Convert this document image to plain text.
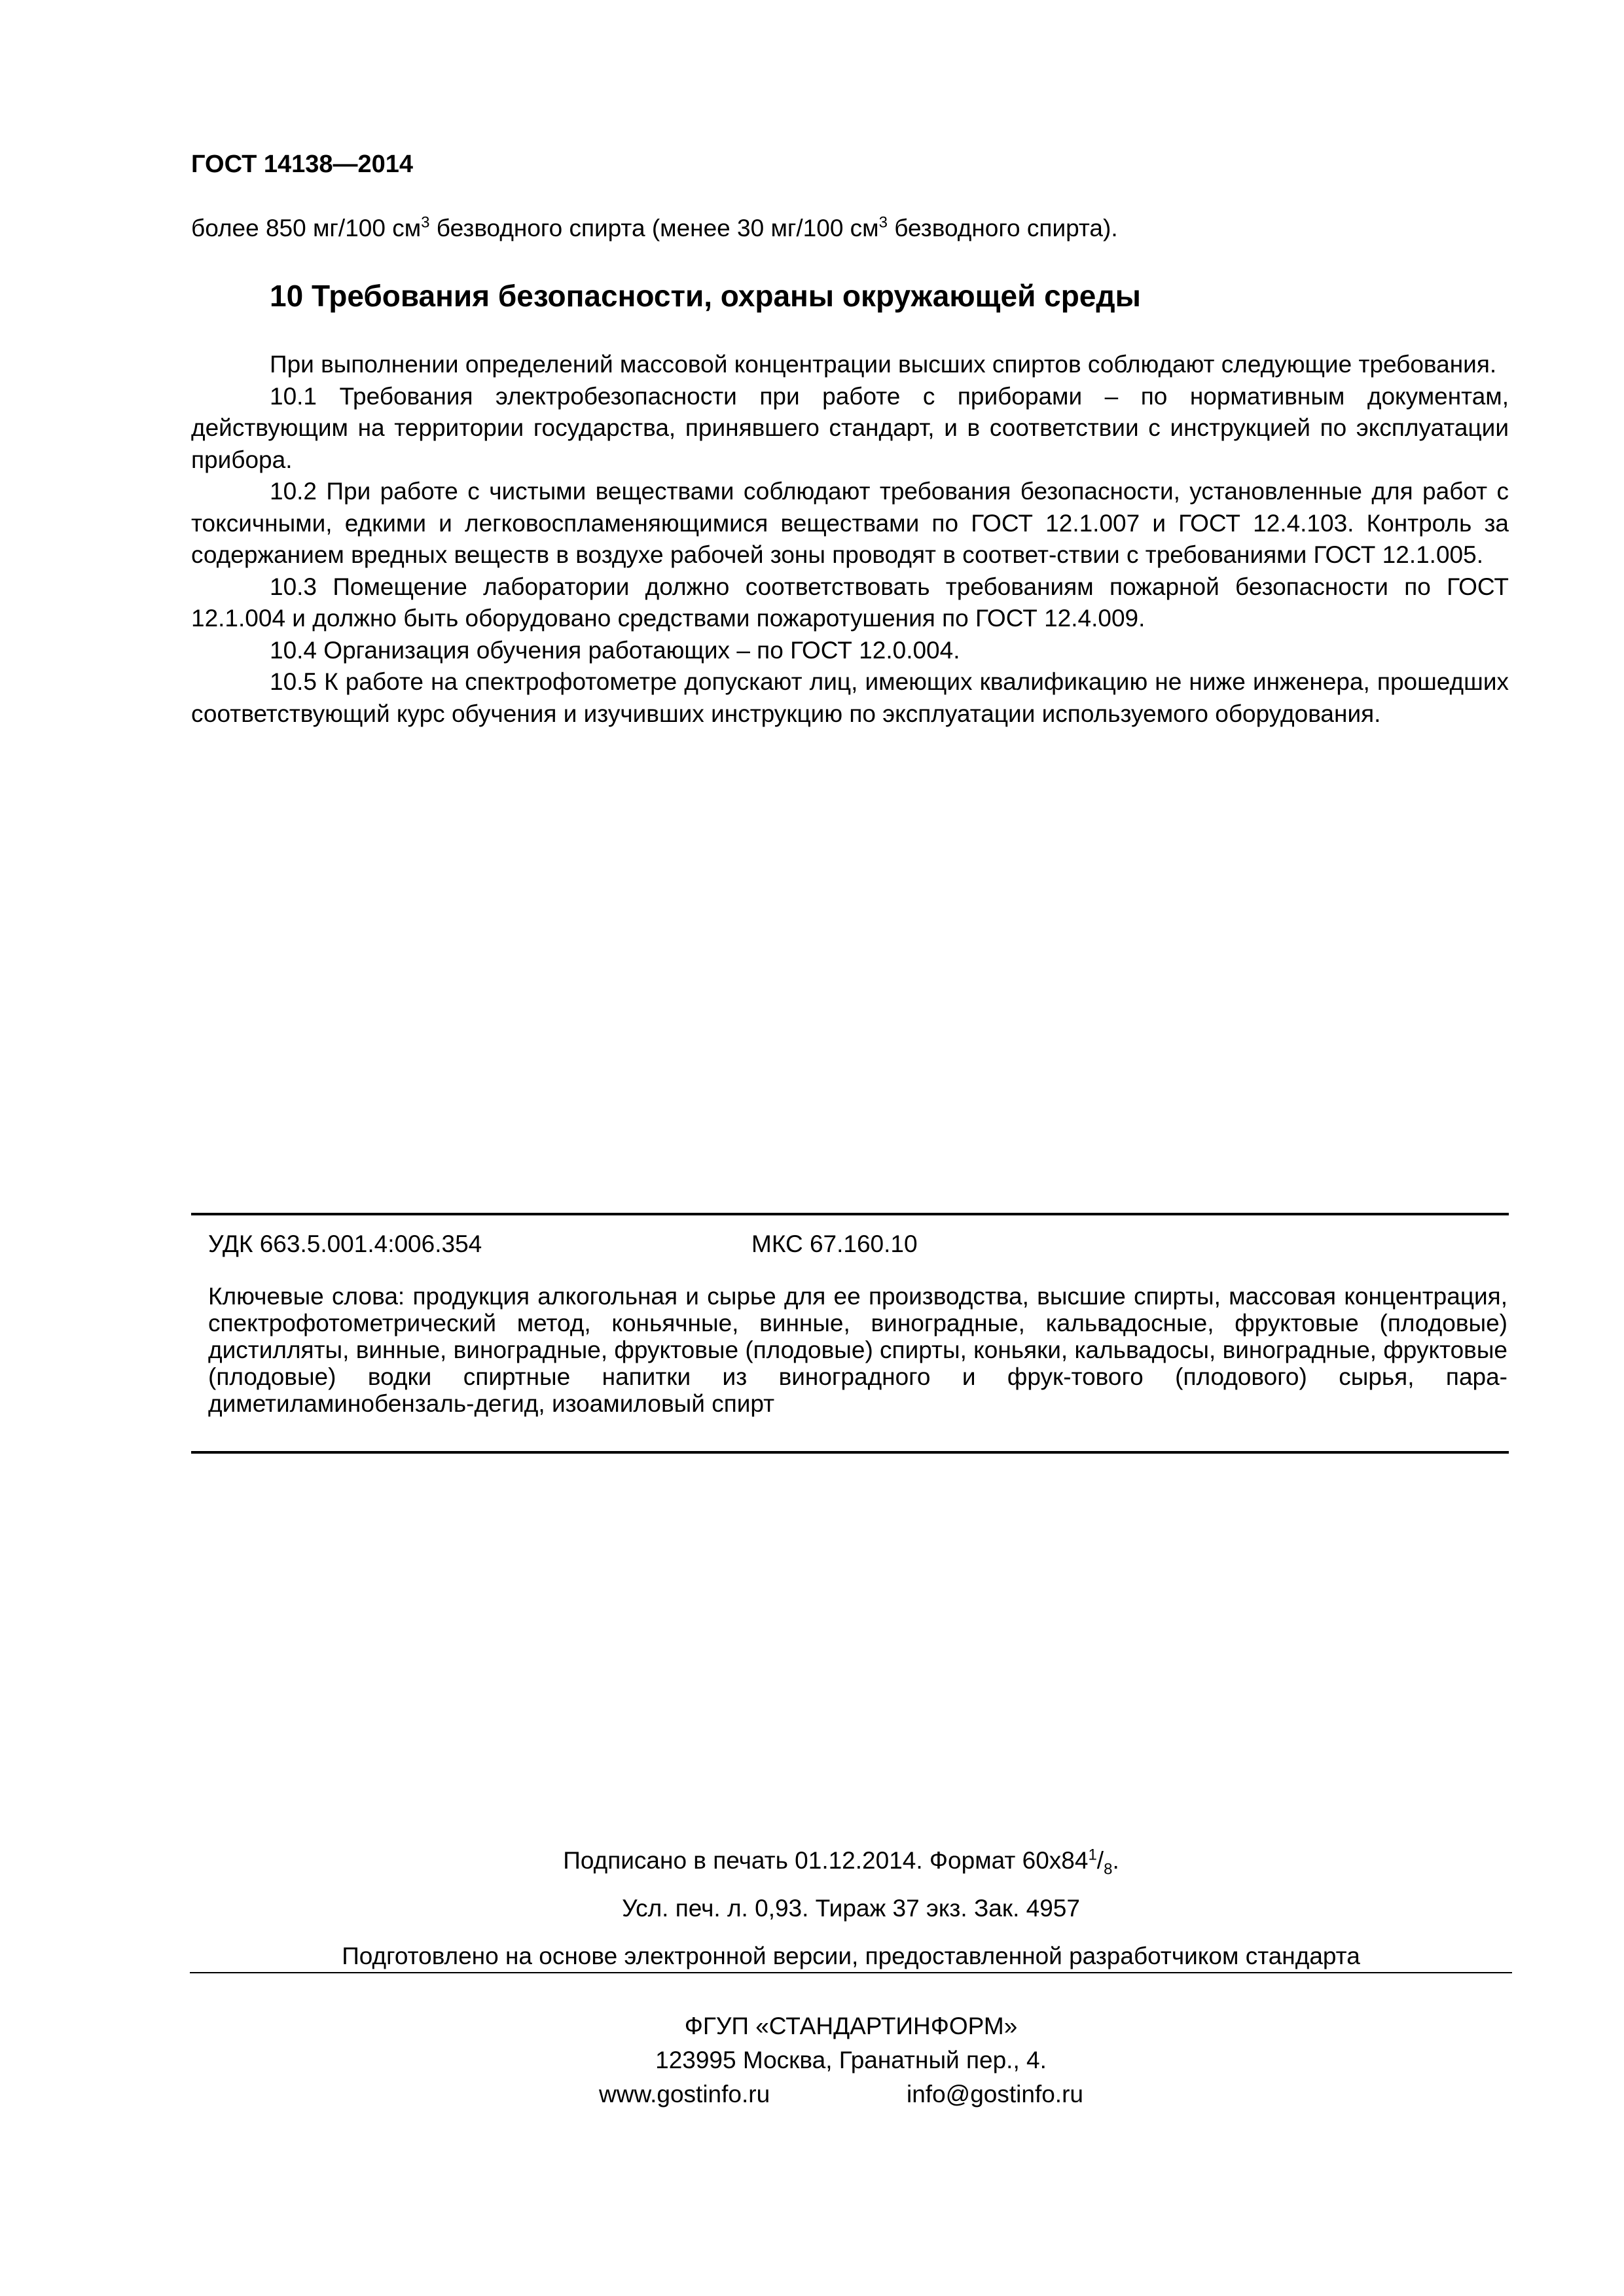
ГОСТ 14138—2014
более 850 мг/100 $см^3$ безводного спирта (менее 30 мг/100 $см^3$ безводного спирта).
10 Требования безопасности, охраны окружающей среды

При выполнении определений массовой концентрации высших спиртов соблюдают следующие требования.

10.1 Требования электробезопасности при работе с приборами – по нормативным документам, действующим на территории государства, принявшего стандарт, и в соответствии с инструкцией по эксплуатации прибора.

10.2 При работе с чистыми веществами соблюдают требования безопасности, установленные для работ с токсичными, едкими и легковоспламеняющимися веществами по ГОСТ 12.1.007 и ГОСТ 12.4.103. Контроль за содержанием вредных веществ в воздухе рабочей зоны проводят в соответ-ствии с требованиями ГОСТ 12.1.005.

10.3 Помещение лаборатории должно соответствовать требованиям пожарной безопасности по ГОСТ 12.1.004 и должно быть оборудовано средствами пожаротушения по ГОСТ 12.4.009.

10.4 Организация обучения работающих – по ГОСТ 12.0.004.

10.5 К работе на спектрофотометре допускают лиц, имеющих квалификацию не ниже инженера, прошедших соответствующий курс обучения и изучивших инструкцию по эксплуатации используемого оборудования.

УДК 663.5.001.4:006.354	МКС 67.160.10
Ключевые слова: продукция алкогольная и сырье для ее производства, высшие спирты, массовая концентрация, спектрофотометрический метод, коньячные, винные, виноградные, кальвадосные, фруктовые (плодовые) дистилляты, винные, виноградные, фруктовые (плодовые) спирты, коньяки, кальвадосы, виноградные, фруктовые (плодовые) водки спиртные напитки из виноградного и фрук-тового (плодового) сырья, пара-диметиламинобензаль-дегид, изоамиловый спирт
Подписано в печать 01.12.2014. Формат $60x84^1/_8$.
Усл. печ. л. 0,93. Тираж 37 экз. Зак. 4957
Подготовлено на основе электронной версии, предоставленной разработчиком стандарта
ФГУП «СТАНДАРТИНФОРМ»
123995 Москва, Гранатный пер., 4.
www.gostinfo.ru	info@gostinfo.ru
